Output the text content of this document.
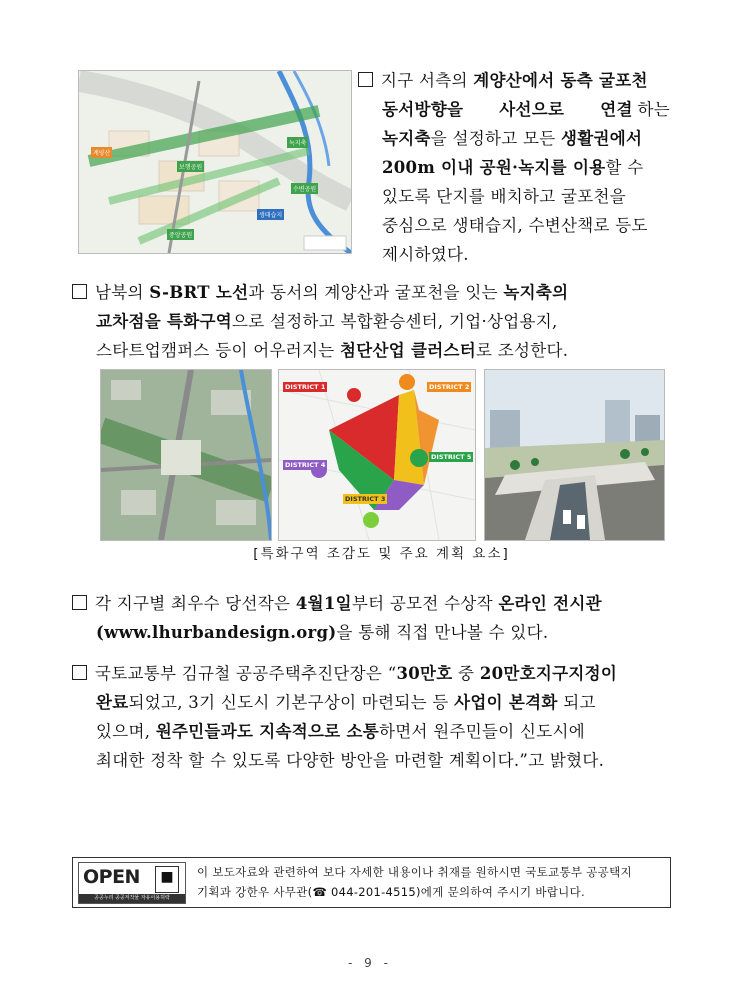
계양산
녹지축
보행공원
수변공원
생태습지
중앙공원
지구 서측의 계양산에서 동측 굴포천
동서방향을 사선으로 연결 하는
녹지축을 설정하고 모든 생활권에서
200m 이내 공원·녹지를 이용할 수
있도록 단지를 배치하고 굴포천을
중심으로 생태습지, 수변산책로 등도
제시하였다.
남북의 S-BRT 노선과 동서의 계양산과 굴포천을 잇는 녹지축의
교차점을 특화구역으로 설정하고 복합환승센터, 기업·상업용지,
스타트업캠퍼스 등이 어우러지는 첨단산업 클러스터로 조성한다.
DISTRICT 1	DISTRICT 2
DISTRICT 4
DISTRICT 5
DISTRICT 3
[특화구역 조감도 및 주요 계획 요소]
각 지구별 최우수 당선작은 4월1일부터 공모전 수상작 온라인 전시관
(www.lhurbandesign.org)을 통해 직접 만나볼 수 있다.
국토교통부 김규철 공공주택추진단장은 “30만호 중 20만호지구지정이
완료되었고, 3기 신도시 기본구상이 마련되는 등 사업이 본격화 되고
있으며, 원주민들과도 지속적으로 소통하면서 원주민들이 신도시에
최대한 정착 할 수 있도록 다양한 방안을 마련할 계획이다.”고 밝혔다.
OPEN	■
공공누리 공공저작물 자유이용허락
이 보도자료와 관련하여 보다 자세한 내용이나 취재를 원하시면 국토교통부 공공택지
기획과 강한우 사무관(☎ 044-201-4515)에게 문의하여 주시기 바랍니다.
- 9 -
